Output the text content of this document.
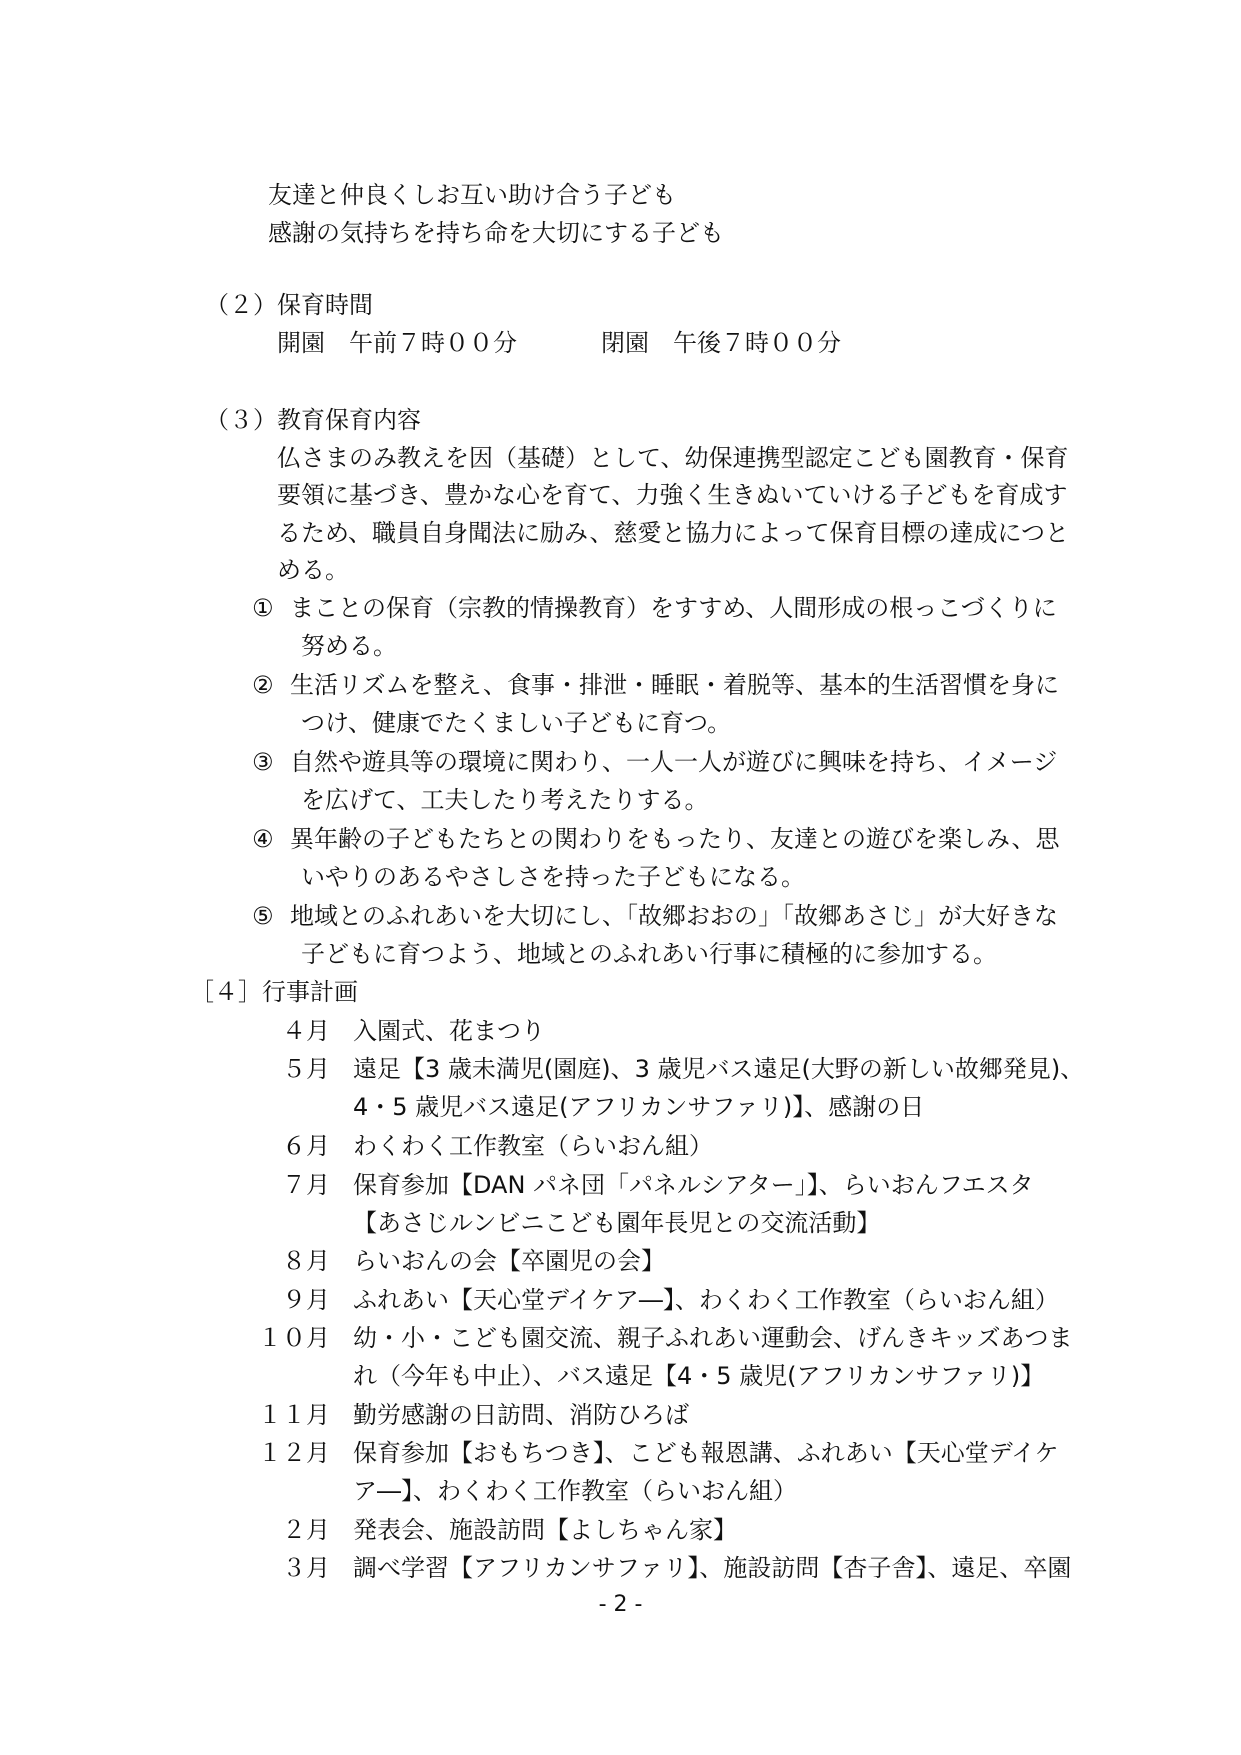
友達と仲良くしお互い助け合う子ども
感謝の気持ちを持ち命を大切にする子ども
（２）保育時間
開園　午前７時００分	閉園　午後７時００分
（３）教育保育内容
仏さまのみ教えを因（基礎）として、幼保連携型認定こども園教育・保育
要領に基づき、豊かな心を育て、力強く生きぬいていける子どもを育成す
るため、職員自身聞法に励み、慈愛と協力によって保育目標の達成につと
める。
① まことの保育（宗教的情操教育）をすすめ、人間形成の根っこづくりに
努める。
② 生活リズムを整え、食事・排泄・睡眠・着脱等、基本的生活習慣を身に
つけ、健康でたくましい子どもに育つ。
③ 自然や遊具等の環境に関わり、一人一人が遊びに興味を持ち、イメージ
を広げて、工夫したり考えたりする。
④ 異年齢の子どもたちとの関わりをもったり、友達との遊びを楽しみ、思
いやりのあるやさしさを持った子どもになる。
⑤ 地域とのふれあいを大切にし、「故郷おおの」「故郷あさじ」が大好きな
子どもに育つよう、地域とのふれあい行事に積極的に参加する。
［４］行事計画
４月 入園式、花まつり
５月 遠足【3 歳未満児(園庭)、3 歳児バス遠足(大野の新しい故郷発見)、
4・5 歳児バス遠足(アフリカンサファリ)】、感謝の日
６月 わくわく工作教室（らいおん組）
７月 保育参加【DAN パネ団「パネルシアター」】、らいおんフエスタ
【あさじルンビニこども園年長児との交流活動】
８月 らいおんの会【卒園児の会】
９月 ふれあい【天心堂デイケア―】、わくわく工作教室（らいおん組）
１０月 幼・小・こども園交流、親子ふれあい運動会、げんきキッズあつま
れ（今年も中止）、バス遠足【4・5 歳児(アフリカンサファリ)】
１１月 勤労感謝の日訪問、消防ひろば
１２月 保育参加【おもちつき】、こども報恩講、ふれあい【天心堂デイケ
ア―】、わくわく工作教室（らいおん組）
２月 発表会、施設訪問【よしちゃん家】
３月 調べ学習【アフリカンサファリ】、施設訪問【杏子舎】、遠足、卒園
- 2 -
